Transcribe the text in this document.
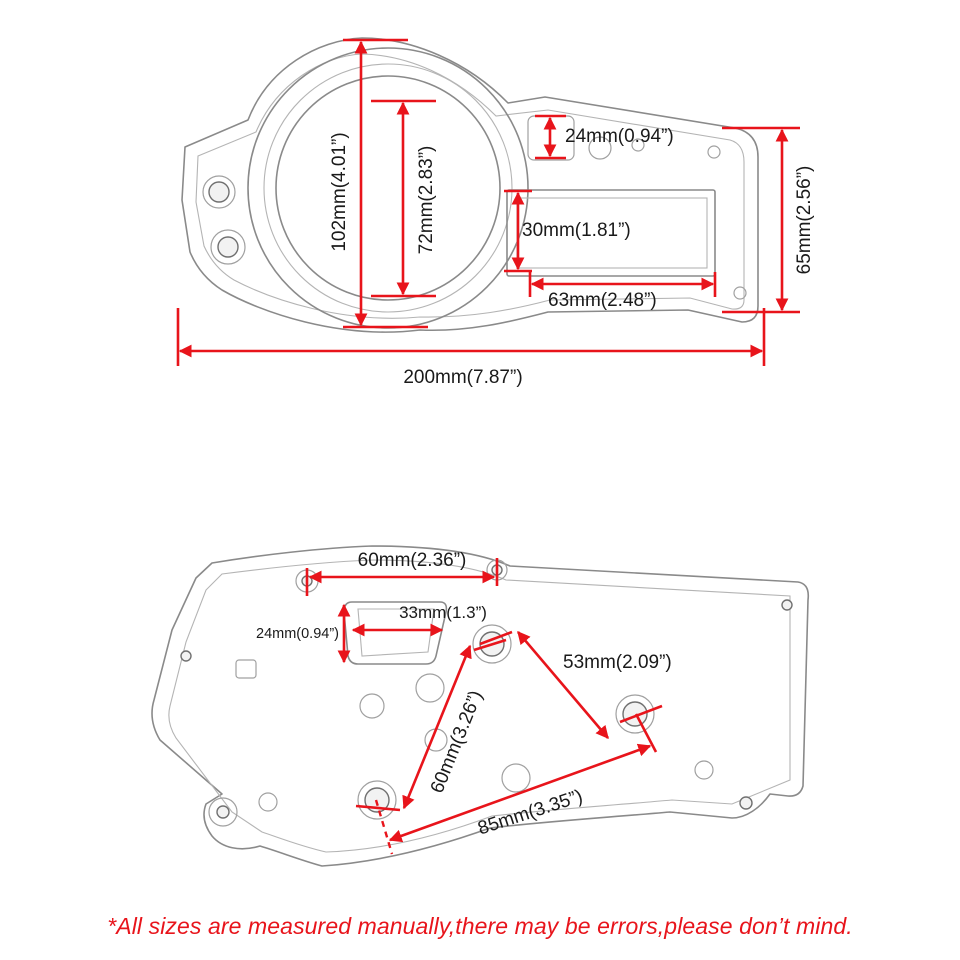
102mm(4.01”)	72mm(2.83”)
24mm(0.94”)
30mm(1.81”)
63mm(2.48”)
65mm(2.56”)
200mm(7.87”)
60mm(2.36”)
33mm(1.3”)
24mm(0.94”)
53mm(2.09”)
60mm(3.26”)
85mm(3.35”)
*All sizes are measured manually,there may be errors,please don’t mind.
